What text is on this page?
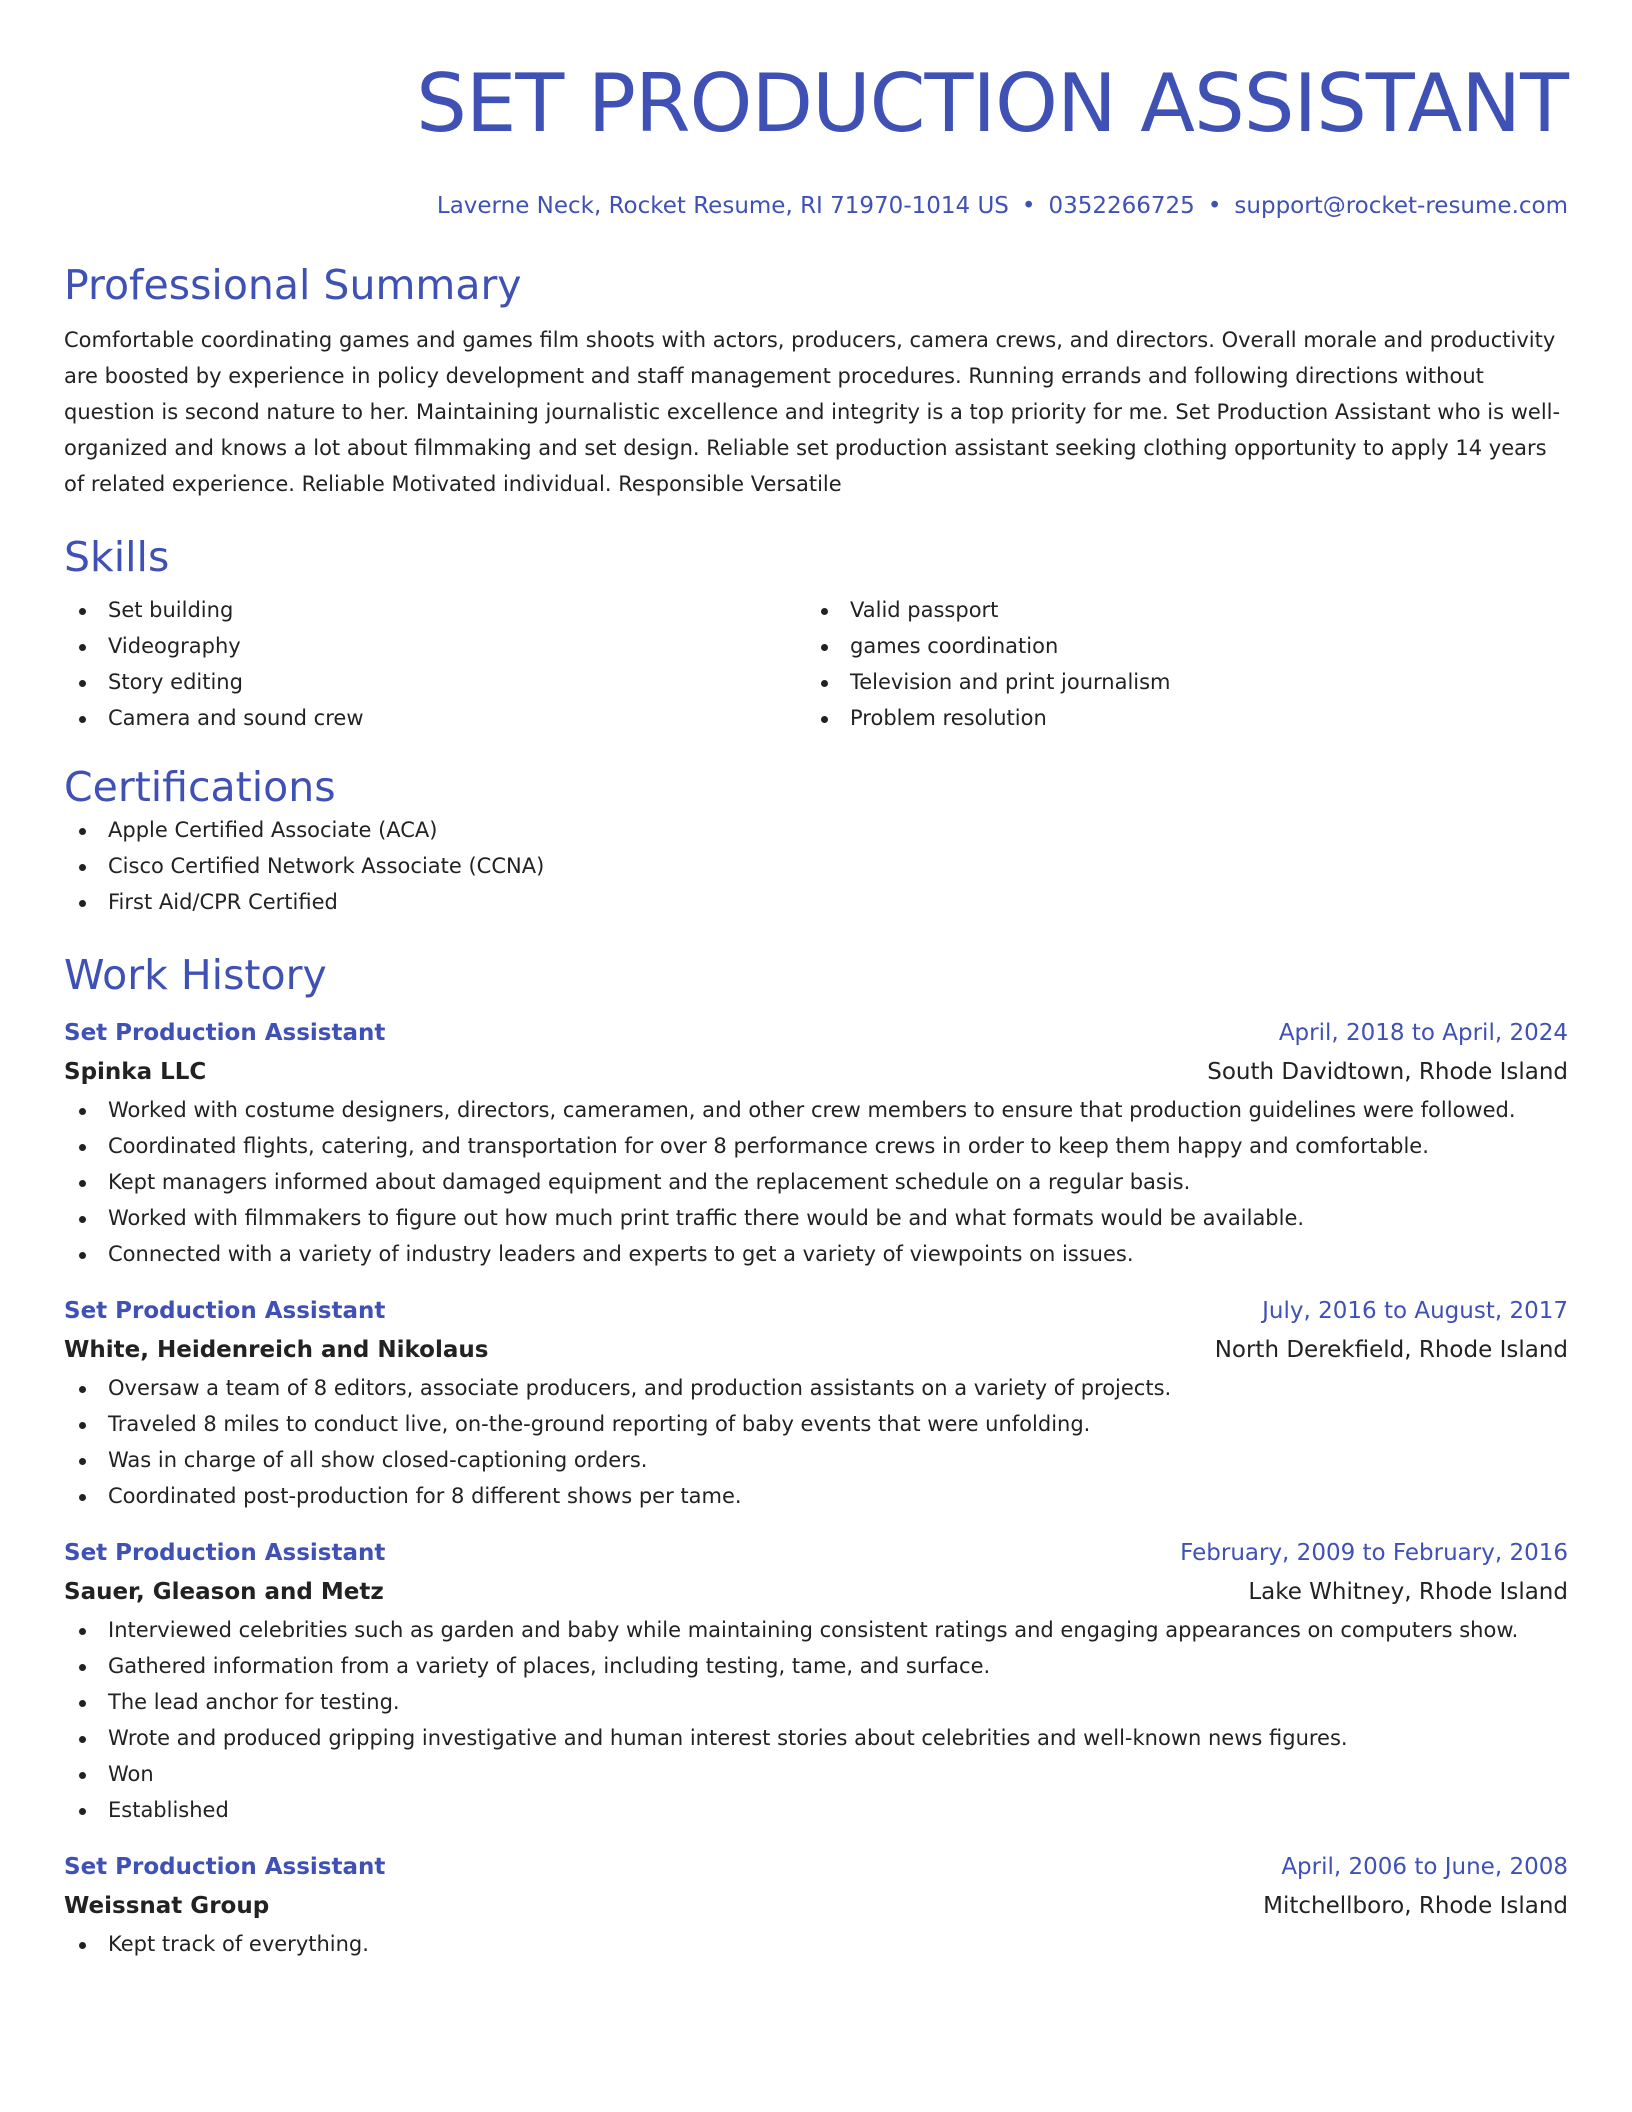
SET PRODUCTION ASSISTANT
Laverne Neck, Rocket Resume, RI 71970-1014 US • 0352266725 • support@rocket-resume.com
Professional Summary
Comfortable coordinating games and games film shoots with actors, producers, camera crews, and directors. Overall morale and productivity are boosted by experience in policy development and staff management procedures. Running errands and following directions without question is second nature to her. Maintaining journalistic excellence and integrity is a top priority for me. Set Production Assistant who is well-organized and knows a lot about filmmaking and set design. Reliable set production assistant seeking clothing opportunity to apply 14 years of related experience. Reliable Motivated individual. Responsible Versatile
Skills
Set building
Videography
Story editing
Camera and sound crew
Valid passport
games coordination
Television and print journalism
Problem resolution
Certifications
Apple Certified Associate (ACA)
Cisco Certified Network Associate (CCNA)
First Aid/CPR Certified
Work History
Set Production Assistant	April, 2018 to April, 2024
Spinka LLC	South Davidtown, Rhode Island
Worked with costume designers, directors, cameramen, and other crew members to ensure that production guidelines were followed.
Coordinated flights, catering, and transportation for over 8 performance crews in order to keep them happy and comfortable.
Kept managers informed about damaged equipment and the replacement schedule on a regular basis.
Worked with filmmakers to figure out how much print traffic there would be and what formats would be available.
Connected with a variety of industry leaders and experts to get a variety of viewpoints on issues.
Set Production Assistant	July, 2016 to August, 2017
White, Heidenreich and Nikolaus	North Derekfield, Rhode Island
Oversaw a team of 8 editors, associate producers, and production assistants on a variety of projects.
Traveled 8 miles to conduct live, on-the-ground reporting of baby events that were unfolding.
Was in charge of all show closed-captioning orders.
Coordinated post-production for 8 different shows per tame.
Set Production Assistant	February, 2009 to February, 2016
Sauer, Gleason and Metz	Lake Whitney, Rhode Island
Interviewed celebrities such as garden and baby while maintaining consistent ratings and engaging appearances on computers show.
Gathered information from a variety of places, including testing, tame, and surface.
The lead anchor for testing.
Wrote and produced gripping investigative and human interest stories about celebrities and well-known news figures.
Won
Established
Set Production Assistant	April, 2006 to June, 2008
Weissnat Group	Mitchellboro, Rhode Island
Kept track of everything.
